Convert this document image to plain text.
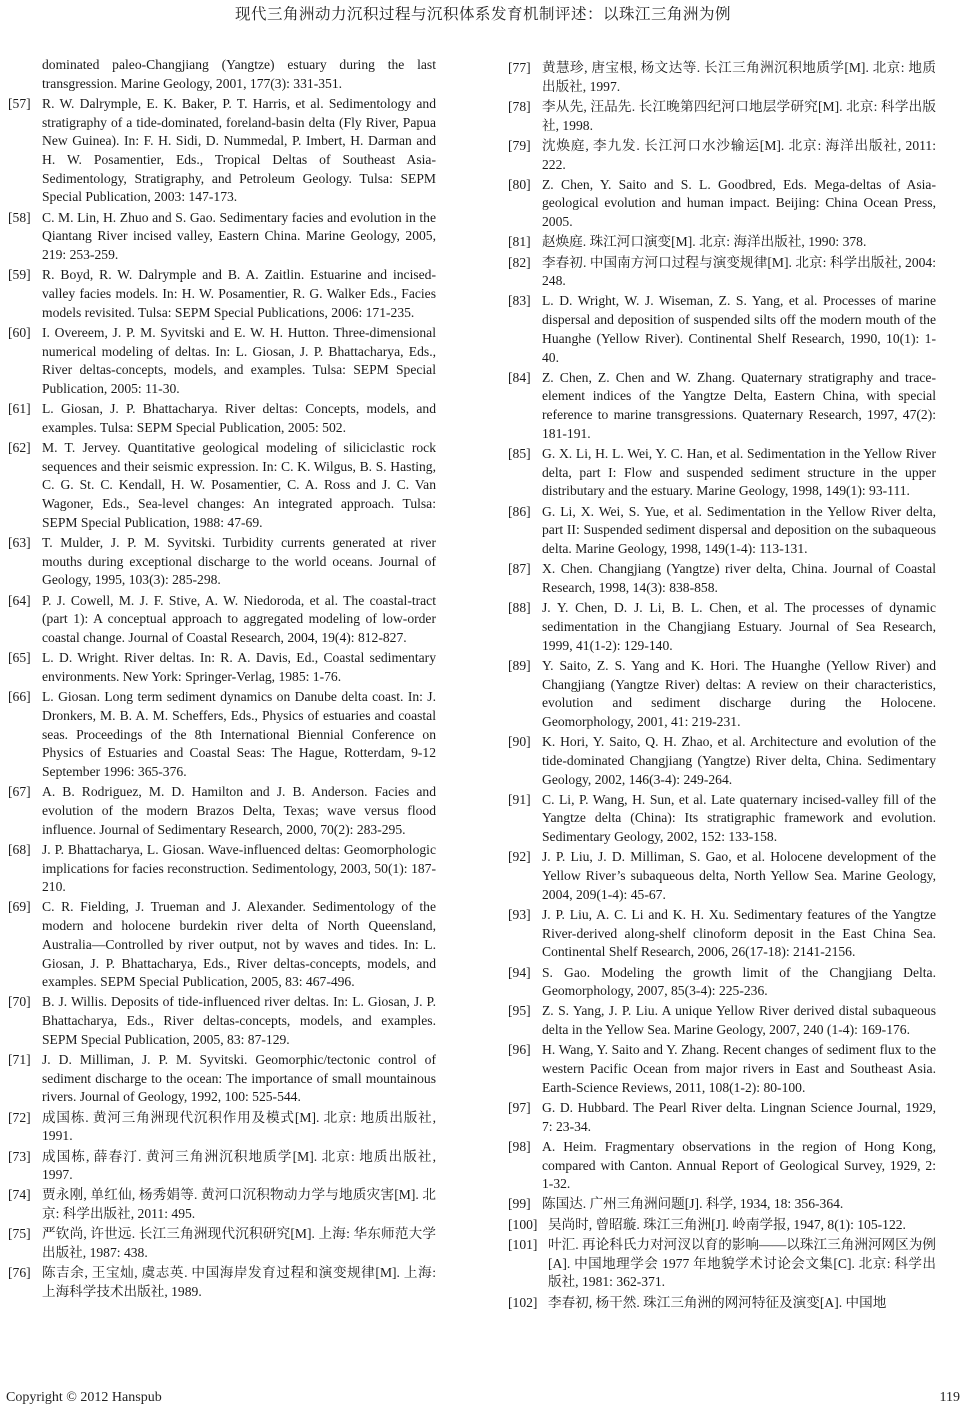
现代三角洲动力沉积过程与沉积体系发育机制评述：以珠江三角洲为例
dominated paleo-Changjiang (Yangtze) estuary during the last transgression. Marine Geology, 2001, 177(3): 331-351.
[57] R. W. Dalrymple, E. K. Baker, P. T. Harris, et al. Sedimentology and stratigraphy of a tide-dominated, foreland-basin delta (Fly River, Papua New Guinea). In: F. H. Sidi, D. Nummedal, P. Imbert, H. Darman and H. W. Posamentier, Eds., Tropical Deltas of Southeast Asia-Sedimentology, Stratigraphy, and Petroleum Geology. Tulsa: SEPM Special Publication, 2003: 147-173.
[58] C. M. Lin, H. Zhuo and S. Gao. Sedimentary facies and evolution in the Qiantang River incised valley, Eastern China. Marine Geology, 2005, 219: 253-259.
[59] R. Boyd, R. W. Dalrymple and B. A. Zaitlin. Estuarine and incised-valley facies models. In: H. W. Posamentier, R. G. Walker Eds., Facies models revisited. Tulsa: SEPM Special Publications, 2006: 171-235.
[60] I. Overeem, J. P. M. Syvitski and E. W. H. Hutton. Three-dimensional numerical modeling of deltas. In: L. Giosan, J. P. Bhattacharya, Eds., River deltas-concepts, models, and examples. Tulsa: SEPM Special Publication, 2005: 11-30.
[61] L. Giosan, J. P. Bhattacharya. River deltas: Concepts, models, and examples. Tulsa: SEPM Special Publication, 2005: 502.
[62] M. T. Jervey. Quantitative geological modeling of siliciclastic rock sequences and their seismic expression. In: C. K. Wilgus, B. S. Hasting, C. G. St. C. Kendall, H. W. Posamentier, C. A. Ross and J. C. Van Wagoner, Eds., Sea-level changes: An integrated approach. Tulsa: SEPM Special Publication, 1988: 47-69.
[63] T. Mulder, J. P. M. Syvitski. Turbidity currents generated at river mouths during exceptional discharge to the world oceans. Journal of Geology, 1995, 103(3): 285-298.
[64] P. J. Cowell, M. J. F. Stive, A. W. Niedoroda, et al. The coastal-tract (part 1): A conceptual approach to aggregated modeling of low-order coastal change. Journal of Coastal Research, 2004, 19(4): 812-827.
[65] L. D. Wright. River deltas. In: R. A. Davis, Ed., Coastal sedimentary environments. New York: Springer-Verlag, 1985: 1-76.
[66] L. Giosan. Long term sediment dynamics on Danube delta coast. In: J. Dronkers, M. B. A. M. Scheffers, Eds., Physics of estuaries and coastal seas. Proceedings of the 8th International Biennial Conference on Physics of Estuaries and Coastal Seas: The Hague, Rotterdam, 9-12 September 1996: 365-376.
[67] A. B. Rodriguez, M. D. Hamilton and J. B. Anderson. Facies and evolution of the modern Brazos Delta, Texas; wave versus flood influence. Journal of Sedimentary Research, 2000, 70(2): 283-295.
[68] J. P. Bhattacharya, L. Giosan. Wave-influenced deltas: Geomorphologic implications for facies reconstruction. Sedimentology, 2003, 50(1): 187-210.
[69] C. R. Fielding, J. Trueman and J. Alexander. Sedimentology of the modern and holocene burdekin river delta of North Queensland, Australia—Controlled by river output, not by waves and tides. In: L. Giosan, J. P. Bhattacharya, Eds., River deltas-concepts, models, and examples. SEPM Special Publication, 2005, 83: 467-496.
[70] B. J. Willis. Deposits of tide-influenced river deltas. In: L. Giosan, J. P. Bhattacharya, Eds., River deltas-concepts, models, and examples. SEPM Special Publication, 2005, 83: 87-129.
[71] J. D. Milliman, J. P. M. Syvitski. Geomorphic/tectonic control of sediment discharge to the ocean: The importance of small mountainous rivers. Journal of Geology, 1992, 100: 525-544.
[72] 成国栋. 黄河三角洲现代沉积作用及模式[M]. 北京: 地质出版社, 1991.
[73] 成国栋, 薛春汀. 黄河三角洲沉积地质学[M]. 北京: 地质出版社, 1997.
[74] 贾永刚, 单红仙, 杨秀娟等. 黄河口沉积物动力学与地质灾害[M]. 北京: 科学出版社, 2011: 495.
[75] 严钦尚, 许世远. 长江三角洲现代沉积研究[M]. 上海: 华东师范大学出版社, 1987: 438.
[76] 陈吉余, 王宝灿, 虞志英. 中国海岸发育过程和演变规律[M]. 上海: 上海科学技术出版社, 1989.
[77] 黄慧珍, 唐宝根, 杨文达等. 长江三角洲沉积地质学[M]. 北京: 地质出版社, 1997.
[78] 李从先, 汪品先. 长江晚第四纪河口地层学研究[M]. 北京: 科学出版社, 1998.
[79] 沈焕庭, 李九发. 长江河口水沙输运[M]. 北京: 海洋出版社, 2011: 222.
[80] Z. Chen, Y. Saito and S. L. Goodbred, Eds. Mega-deltas of Asia-geological evolution and human impact. Beijing: China Ocean Press, 2005.
[81] 赵焕庭. 珠江河口演变[M]. 北京: 海洋出版社, 1990: 378.
[82] 李春初. 中国南方河口过程与演变规律[M]. 北京: 科学出版社, 2004: 248.
[83] L. D. Wright, W. J. Wiseman, Z. S. Yang, et al. Processes of marine dispersal and deposition of suspended silts off the modern mouth of the Huanghe (Yellow River). Continental Shelf Research, 1990, 10(1): 1-40.
[84] Z. Chen, Z. Chen and W. Zhang. Quaternary stratigraphy and trace-element indices of the Yangtze Delta, Eastern China, with special reference to marine transgressions. Quaternary Research, 1997, 47(2): 181-191.
[85] G. X. Li, H. L. Wei, Y. C. Han, et al. Sedimentation in the Yellow River delta, part I: Flow and suspended sediment structure in the upper distributary and the estuary. Marine Geology, 1998, 149(1): 93-111.
[86] G. Li, X. Wei, S. Yue, et al. Sedimentation in the Yellow River delta, part II: Suspended sediment dispersal and deposition on the subaqueous delta. Marine Geology, 1998, 149(1-4): 113-131.
[87] X. Chen. Changjiang (Yangtze) river delta, China. Journal of Coastal Research, 1998, 14(3): 838-858.
[88] J. Y. Chen, D. J. Li, B. L. Chen, et al. The processes of dynamic sedimentation in the Changjiang Estuary. Journal of Sea Research, 1999, 41(1-2): 129-140.
[89] Y. Saito, Z. S. Yang and K. Hori. The Huanghe (Yellow River) and Changjiang (Yangtze River) deltas: A review on their characteristics, evolution and sediment discharge during the Holocene. Geomorphology, 2001, 41: 219-231.
[90] K. Hori, Y. Saito, Q. H. Zhao, et al. Architecture and evolution of the tide-dominated Changjiang (Yangtze) River delta, China. Sedimentary Geology, 2002, 146(3-4): 249-264.
[91] C. Li, P. Wang, H. Sun, et al. Late quaternary incised-valley fill of the Yangtze delta (China): Its stratigraphic framework and evolution. Sedimentary Geology, 2002, 152: 133-158.
[92] J. P. Liu, J. D. Milliman, S. Gao, et al. Holocene development of the Yellow River’s subaqueous delta, North Yellow Sea. Marine Geology, 2004, 209(1-4): 45-67.
[93] J. P. Liu, A. C. Li and K. H. Xu. Sedimentary features of the Yangtze River-derived along-shelf clinoform deposit in the East China Sea. Continental Shelf Research, 2006, 26(17-18): 2141-2156.
[94] S. Gao. Modeling the growth limit of the Changjiang Delta. Geomorphology, 2007, 85(3-4): 225-236.
[95] Z. S. Yang, J. P. Liu. A unique Yellow River derived distal subaqueous delta in the Yellow Sea. Marine Geology, 2007, 240 (1-4): 169-176.
[96] H. Wang, Y. Saito and Y. Zhang. Recent changes of sediment flux to the western Pacific Ocean from major rivers in East and Southeast Asia. Earth-Science Reviews, 2011, 108(1-2): 80-100.
[97] G. D. Hubbard. The Pearl River delta. Lingnan Science Journal, 1929, 7: 23-34.
[98] A. Heim. Fragmentary observations in the region of Hong Kong, compared with Canton. Annual Report of Geological Survey, 1929, 2: 1-32.
[99] 陈国达. 广州三角洲问题[J]. 科学, 1934, 18: 356-364.
[100] 吴尚时, 曾昭璇. 珠江三角洲[J]. 岭南学报, 1947, 8(1): 105-122.
[101] 叶汇. 再论科氏力对河汊以育的影响——以珠江三角洲河网区为例[A]. 中国地理学会 1977 年地貌学术讨论会文集[C]. 北京: 科学出版社, 1981: 362-371.
[102] 李春初, 杨干然. 珠江三角洲的网河特征及演变[A]. 中国地
Copyright © 2012 Hanspub	119
